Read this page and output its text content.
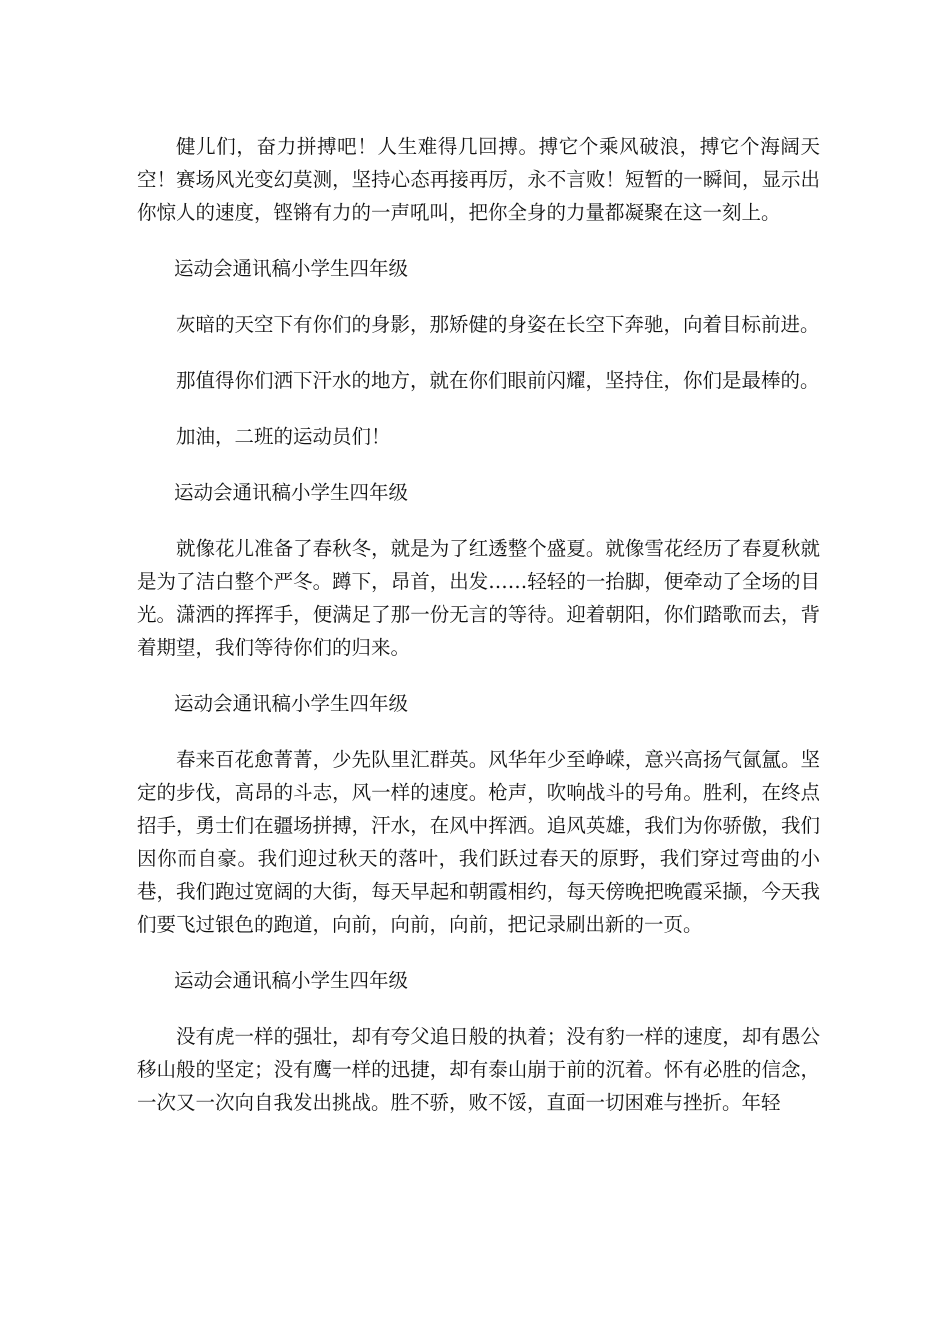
健儿们，奋力拼搏吧！人生难得几回搏。搏它个乘风破浪，搏它个海阔天空！赛场风光变幻莫测，坚持心态再接再厉，永不言败！短暂的一瞬间，显示出你惊人的速度，铿锵有力的一声吼叫，把你全身的力量都凝聚在这一刻上。

运动会通讯稿小学生四年级

灰暗的天空下有你们的身影，那矫健的身姿在长空下奔驰，向着目标前进。

那值得你们洒下汗水的地方，就在你们眼前闪耀，坚持住，你们是最棒的。

加油，二班的运动员们！

运动会通讯稿小学生四年级

就像花儿准备了春秋冬，就是为了红透整个盛夏。就像雪花经历了春夏秋就是为了洁白整个严冬。蹲下，昂首，出发……轻轻的一抬脚，便牵动了全场的目光。潇洒的挥挥手，便满足了那一份无言的等待。迎着朝阳，你们踏歌而去，背着期望，我们等待你们的归来。

运动会通讯稿小学生四年级

春来百花愈菁菁，少先队里汇群英。风华年少至峥嵘，意兴高扬气氤氲。坚定的步伐，高昂的斗志，风一样的速度。枪声，吹响战斗的号角。胜利，在终点招手，勇士们在疆场拼搏，汗水，在风中挥洒。追风英雄，我们为你骄傲，我们因你而自豪。我们迎过秋天的落叶，我们跃过春天的原野，我们穿过弯曲的小巷，我们跑过宽阔的大街，每天早起和朝霞相约，每天傍晚把晚霞采撷，今天我们要飞过银色的跑道，向前，向前，向前，把记录刷出新的一页。

运动会通讯稿小学生四年级

没有虎一样的强壮，却有夸父追日般的执着；没有豹一样的速度，却有愚公移山般的坚定；没有鹰一样的迅捷，却有泰山崩于前的沉着。怀有必胜的信念，一次又一次向自我发出挑战。胜不骄，败不馁，直面一切困难与挫折。年轻
